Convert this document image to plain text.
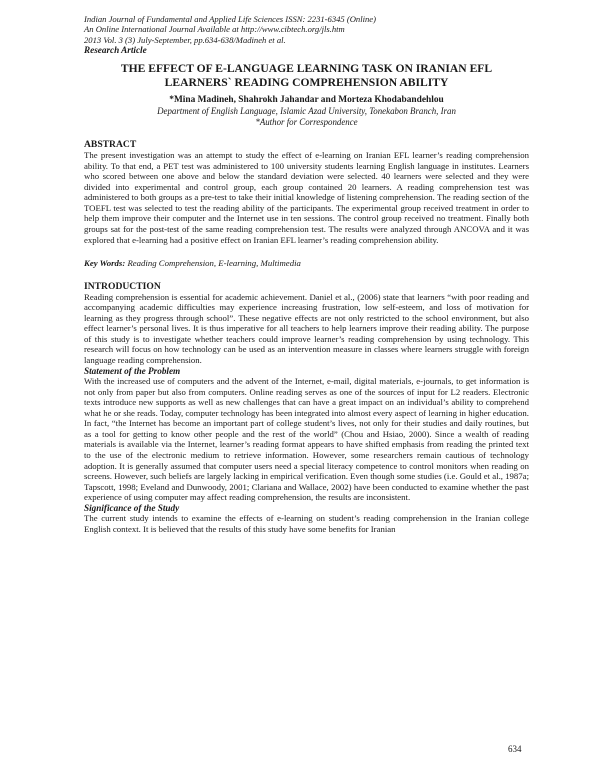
Indian Journal of Fundamental and Applied Life Sciences ISSN: 2231-6345 (Online)
An Online International Journal Available at http://www.cibtech.org/jls.htm
2013 Vol. 3 (3) July-September, pp.634-638/Madineh et al.
Research Article
THE EFFECT OF E-LANGUAGE LEARNING TASK ON IRANIAN EFL
LEARNERS` READING COMPREHENSION ABILITY
*Mina Madineh, Shahrokh Jahandar and Morteza Khodabandehlou
Department of English Language, Islamic Azad University, Tonekabon Branch, Iran
*Author for Correspondence
ABSTRACT

The present investigation was an attempt to study the effect of e-learning on Iranian EFL learner’s reading comprehension ability. To that end, a PET test was administered to 100 university students learning English language in institutes. Learners who scored between one above and below the standard deviation were selected. 40 learners were selected and they were divided into experimental and control group, each group contained 20 learners. A reading comprehension test was administered to both groups as a pre-test to take their initial knowledge of listening comprehension. The reading section of the TOEFL test was selected to test the reading ability of the participants. The experimental group received treatment in order to help them improve their computer and the Internet use in ten sessions. The control group received no treatment. Finally both groups sat for the post-test of the same reading comprehension test. The results were analyzed through ANCOVA and it was explored that e-learning had a positive effect on Iranian EFL learner’s reading comprehension ability.

Key Words: Reading Comprehension, E-learning, Multimedia
INTRODUCTION

Reading comprehension is essential for academic achievement. Daniel et al., (2006) state that learners “with poor reading and accompanying academic difficulties may experience increasing frustration, low self-esteem, and loss of motivation for learning as they progress through school”. These negative effects are not only restricted to the school environment, but also effect learner’s personal lives. It is thus imperative for all teachers to help learners improve their reading ability. The purpose of this study is to investigate whether teachers could improve learner’s reading comprehension by using technology. This research will focus on how technology can be used as an intervention measure in classes where learners struggle with foreign language reading comprehension.

Statement of the Problem

With the increased use of computers and the advent of the Internet, e-mail, digital materials, e-journals, to get information is not only from paper but also from computers. Online reading serves as one of the sources of input for L2 readers. Electronic texts introduce new supports as well as new challenges that can have a great impact on an individual’s ability to comprehend what he or she reads. Today, computer technology has been integrated into almost every aspect of learning in higher education. In fact, “the Internet has become an important part of college student’s lives, not only for their studies and daily routines, but as a tool for getting to know other people and the rest of the world” (Chou and Hsiao, 2000). Since a wealth of reading materials is available via the Internet, learner’s reading format appears to have shifted emphasis from reading the printed text to the use of the electronic medium to retrieve information. However, some researchers remain cautious of technology adoption. It is generally assumed that computer users need a special literacy competence to control monitors when reading on screens. However, such beliefs are largely lacking in empirical verification. Even though some studies (i.e. Gould et al., 1987a; Tapscott, 1998; Eveland and Dunwoody, 2001; Clariana and Wallace, 2002) have been conducted to examine whether the past experience of using computer may affect reading comprehension, the results are inconsistent.

Significance of the Study

The current study intends to examine the effects of e-learning on student’s reading comprehension in the Iranian college English context. It is believed that the results of this study have some benefits for Iranian

634
